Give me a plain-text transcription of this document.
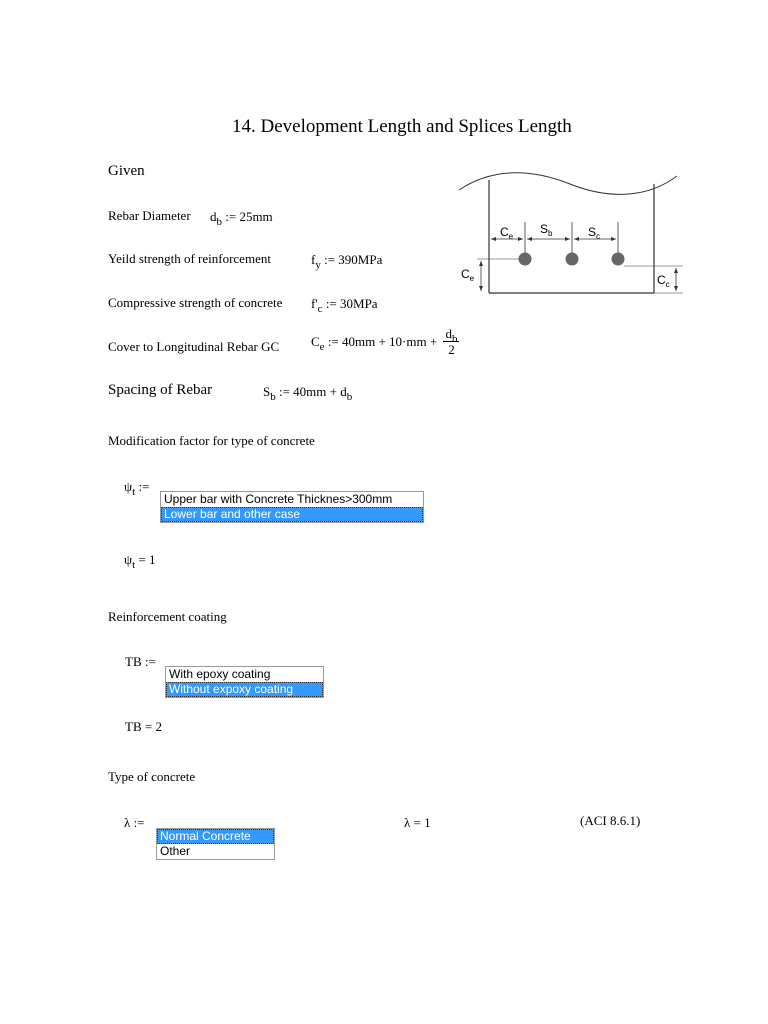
14. Development Length and Splices Length
Given
Rebar Diameter $d_b$ := 25mm
Yeild strength of reinforcement	$f_y$ := 390MPa
Compressive strength of concrete $f'_c$ := 30MPa
Cover to Longitudinal Rebar GC $C_e$ := $40mm + 10\cdot mm + \frac{d_b}{2}$
Spacing of Rebar	$S_b$ := $40mm + d_b$
Modification factor for type of concrete
$\psi_t$ :=
Upper bar with Concrete Thicknes>300mm
Lower bar and other case
$\psi_t = 1$
Reinforcement coating
TB :=
With epoxy coating
Without expoxy coating
TB = 2
Type of concrete
λ :=
Normal Concrete
Other
λ = 1	(ACI 8.6.1)
$C_e$
$S_b$	$S_c$
$C_e$	$C_c$
